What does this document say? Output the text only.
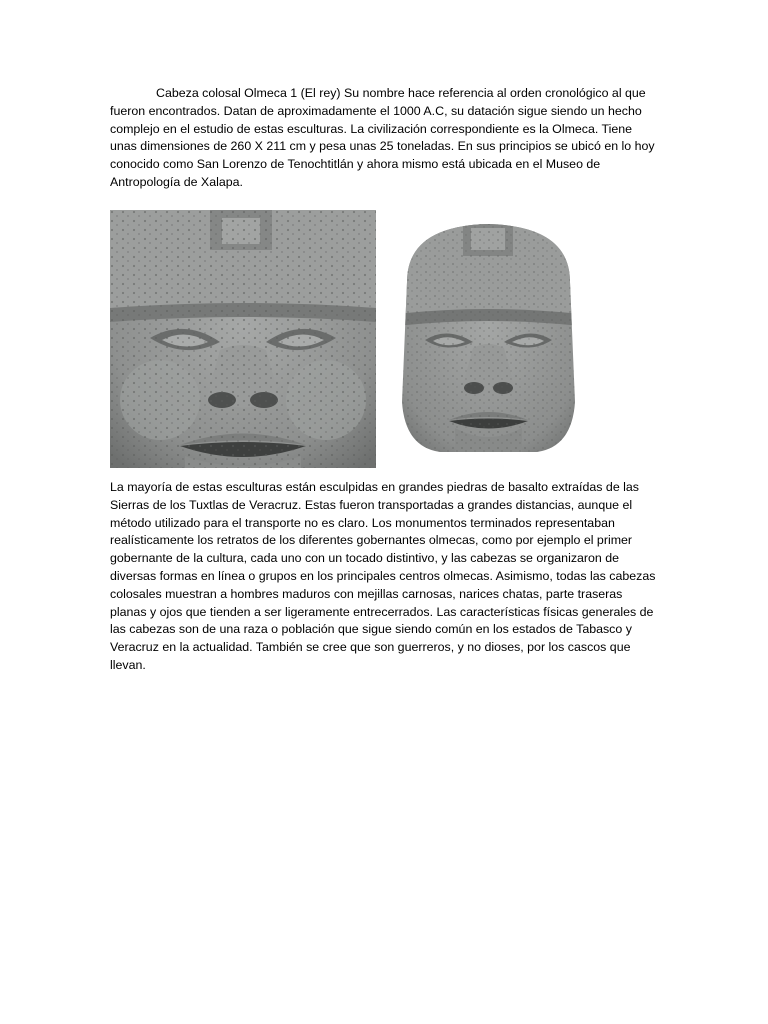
Cabeza colosal Olmeca 1 (El rey) Su nombre hace referencia al orden cronológico al que fueron encontrados. Datan de aproximadamente el 1000 A.C, su datación sigue siendo un hecho complejo en el estudio de estas esculturas. La civilización correspondiente es la Olmeca. Tiene unas dimensiones de 260 X 211 cm y pesa unas 25 toneladas. En sus principios se ubicó en lo hoy conocido como San Lorenzo de Tenochtitlán y ahora mismo está ubicada en el Museo de Antropología de Xalapa.

La mayoría de estas esculturas están esculpidas en grandes piedras de basalto extraídas de las Sierras de los Tuxtlas de Veracruz. Estas fueron transportadas a grandes distancias, aunque el método utilizado para el transporte no es claro. Los monumentos terminados representaban realísticamente los retratos de los diferentes gobernantes olmecas, como por ejemplo el primer gobernante de la cultura, cada uno con un tocado distintivo, y las cabezas se organizaron de diversas formas en línea o grupos en los principales centros olmecas. Asimismo, todas las cabezas colosales muestran a hombres maduros con mejillas carnosas, narices chatas, parte traseras planas y ojos que tienden a ser ligeramente entrecerrados. Las características físicas generales de las cabezas son de una raza o población que sigue siendo común en los estados de Tabasco y Veracruz en la actualidad. También se cree que son guerreros, y no dioses, por los cascos que llevan.
